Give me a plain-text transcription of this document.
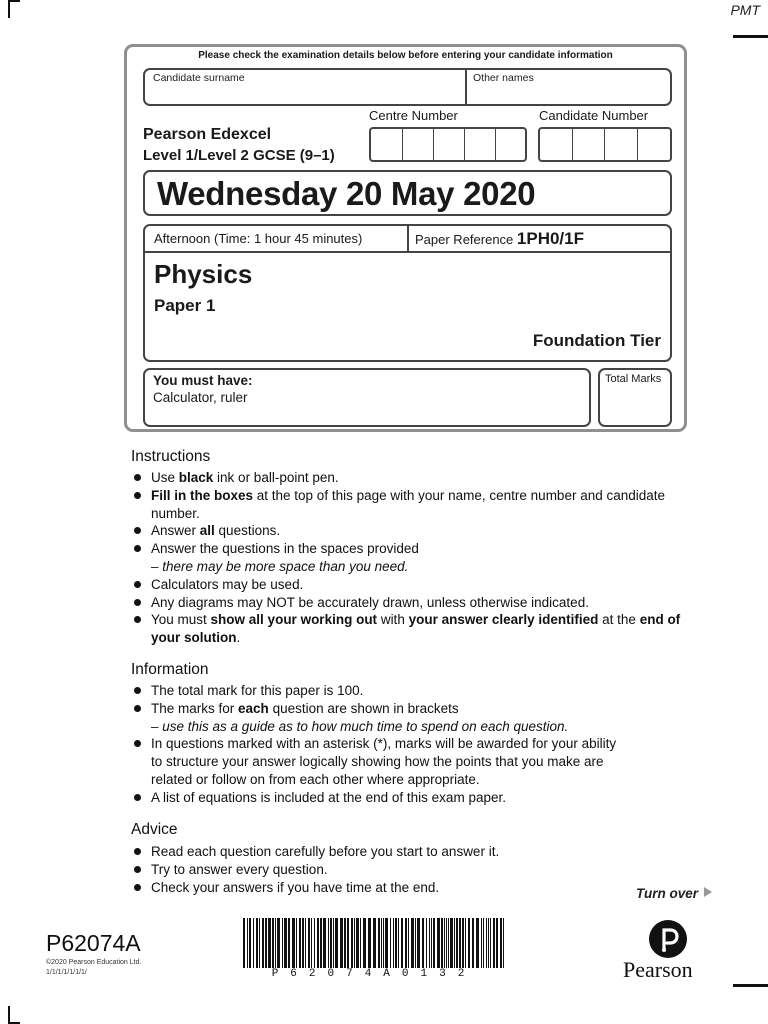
PMT
Please check the examination details below before entering your candidate information
Candidate surname	Other names
Centre Number	Candidate Number
Pearson Edexcel
Level 1/Level 2 GCSE (9–1)
Wednesday 20 May 2020
Afternoon (Time: 1 hour 45 minutes)	Paper Reference 1PH0/1F
Physics
Paper 1
Foundation Tier
You must have:
Calculator, ruler
Total Marks
Instructions
Use black ink or ball-point pen.
Fill in the boxes at the top of this page with your name, centre number and candidate number.
Answer all questions.
Answer the questions in the spaces provided
– there may be more space than you need.
Calculators may be used.
Any diagrams may NOT be accurately drawn, unless otherwise indicated.
You must show all your working out with your answer clearly identified at the end of your solution.
Information
The total mark for this paper is 100.
The marks for each question are shown in brackets
– use this as a guide as to how much time to spend on each question.
In questions marked with an asterisk (*), marks will be awarded for your ability to structure your answer logically showing how the points that you make are related or follow on from each other where appropriate.
A list of equations is included at the end of this exam paper.
Advice
Read each question carefully before you start to answer it.
Try to answer every question.
Check your answers if you have time at the end.	Turn over
P62074A
©2020 Pearson Education Ltd.
1/1/1/1/1/1/1/	P62074A0132	Pearson
